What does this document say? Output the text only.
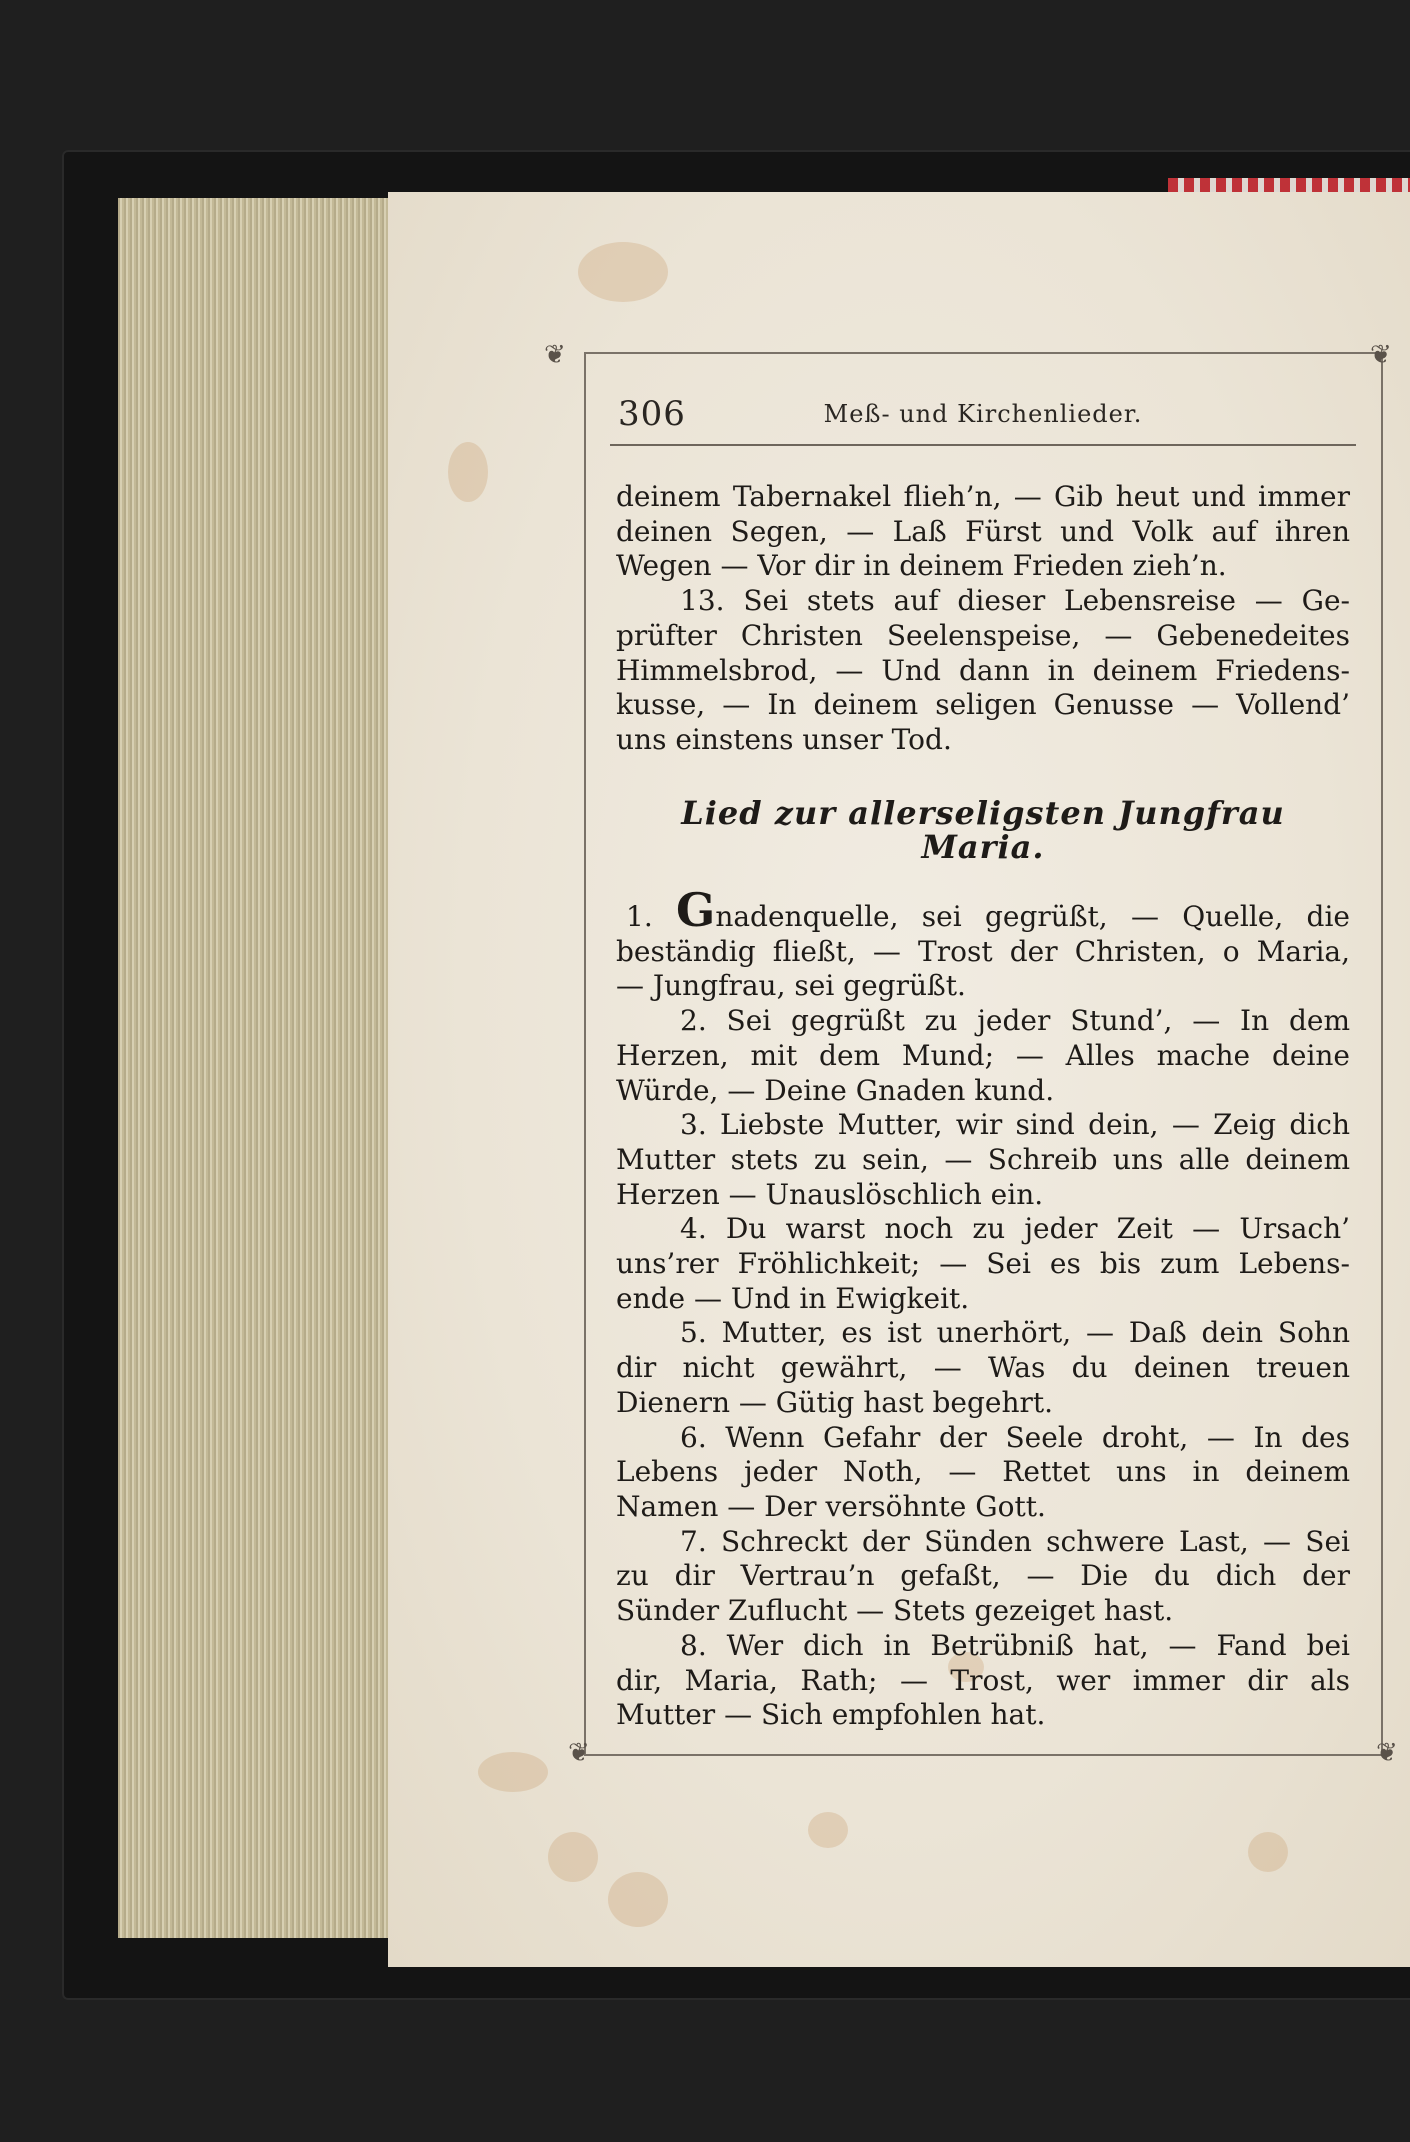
❦	❦
❦	❦
306	Meß- und Kirchenlieder.
deinem Tabernakel flieh’n, — Gib heut und immer
deinen Segen, — Laß Fürst und Volk auf ihren
Wegen — Vor dir in deinem Frieden zieh’n.
13. Sei stets auf dieser Lebensreise — Ge-
prüfter Christen Seelenspeise, — Gebenedeites
Himmelsbrod, — Und dann in deinem Friedens-
kusse, — In deinem seligen Genusse — Vollend’
uns einstens unser Tod.
Lied zur allerseligsten Jungfrau Maria.
1. Gnadenquelle, sei gegrüßt, — Quelle, die
beständig fließt, — Trost der Christen, o Maria,
— Jungfrau, sei gegrüßt.
2. Sei gegrüßt zu jeder Stund’, — In dem
Herzen, mit dem Mund; — Alles mache deine
Würde, — Deine Gnaden kund.
3. Liebste Mutter, wir sind dein, — Zeig dich
Mutter stets zu sein, — Schreib uns alle deinem
Herzen — Unauslöschlich ein.
4. Du warst noch zu jeder Zeit — Ursach’
uns’rer Fröhlichkeit; — Sei es bis zum Lebens-
ende — Und in Ewigkeit.
5. Mutter, es ist unerhört, — Daß dein Sohn
dir nicht gewährt, — Was du deinen treuen
Dienern — Gütig hast begehrt.
6. Wenn Gefahr der Seele droht, — In des
Lebens jeder Noth, — Rettet uns in deinem
Namen — Der versöhnte Gott.
7. Schreckt der Sünden schwere Last, — Sei
zu dir Vertrau’n gefaßt, — Die du dich der
Sünder Zuflucht — Stets gezeiget hast.
8. Wer dich in Betrübniß hat, — Fand bei
dir, Maria, Rath; — Trost, wer immer dir als
Mutter — Sich empfohlen hat.
